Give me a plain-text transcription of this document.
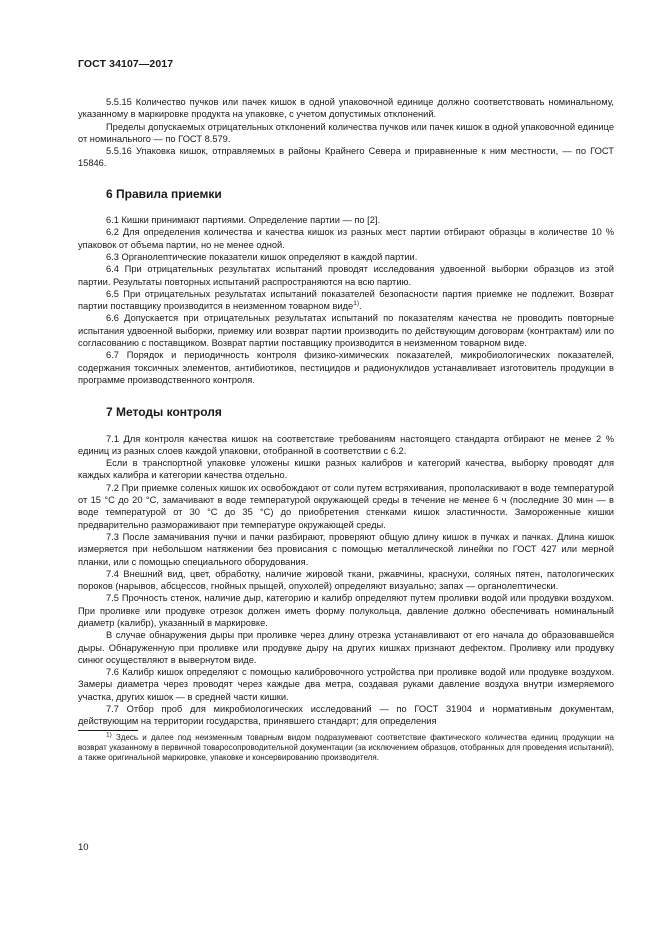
ГОСТ 34107—2017

5.5.15 Количество пучков или пачек кишок в одной упаковочной единице должно соответствовать номинальному, указанному в маркировке продукта на упаковке, с учетом допустимых отклонений.

Пределы допускаемых отрицательных отклонений количества пучков или пачек кишок в одной упаковочной единице от номинального — по ГОСТ 8.579.

5.5.16 Упаковка кишок, отправляемых в районы Крайнего Севера и приравненные к ним местности, — по ГОСТ 15846.

6 Правила приемки

6.1 Кишки принимают партиями. Определение партии — по [2].

6.2 Для определения количества и качества кишок из разных мест партии отбирают образцы в количестве 10 % упаковок от объема партии, но не менее одной.

6.3 Органолептические показатели кишок определяют в каждой партии.

6.4 При отрицательных результатах испытаний проводят исследования удвоенной выборки образцов из этой партии. Результаты повторных испытаний распространяются на всю партию.

6.5 При отрицательных результатах испытаний показателей безопасности партия приемке не подлежит. Возврат партии поставщику производится в неизменном товарном виде$^{1)}$.

6.6 Допускается при отрицательных результатах испытаний по показателям качества не проводить повторные испытания удвоенной выборки, приемку или возврат партии производить по действующим договорам (контрактам) или по согласованию с поставщиком. Возврат партии поставщику производится в неизменном товарном виде.

6.7 Порядок и периодичность контроля физико-химических показателей, микробиологических показателей, содержания токсичных элементов, антибиотиков, пестицидов и радионуклидов устанавливает изготовитель продукции в программе производственного контроля.

7 Методы контроля

7.1 Для контроля качества кишок на соответствие требованиям настоящего стандарта отбирают не менее 2 % единиц из разных слоев каждой упаковки, отобранной в соответствии с 6.2.

Если в транспортной упаковке уложены кишки разных калибров и категорий качества, выборку проводят для каждых калибра и категории качества отдельно.

7.2 При приемке соленых кишок их освобождают от соли путем встряхивания, прополаскивают в воде температурой от 15 °С до 20 °С, замачивают в воде температурой окружающей среды в течение не менее 6 ч (последние 30 мин — в воде температурой от 30 °С до 35 °С) до приобретения стенками кишок эластичности. Замороженные кишки предварительно размораживают при температуре окружающей среды.

7.3 После замачивания пучки и пачки разбирают, проверяют общую длину кишок в пучках и пачках. Длина кишок измеряется при небольшом натяжении без провисания с помощью металлической линейки по ГОСТ 427 или мерной планки, или с помощью специального оборудования.

7.4 Внешний вид, цвет, обработку, наличие жировой ткани, ржавчины, краснухи, соляных пятен, патологических пороков (нарывов, абсцессов, гнойных прыщей, опухолей) определяют визуально; запах — органолептически.

7.5 Прочность стенок, наличие дыр, категорию и калибр определяют путем проливки водой или продувки воздухом. При проливке или продувке отрезок должен иметь форму полукольца, давление должно обеспечивать номинальный диаметр (калибр), указанный в маркировке.

В случае обнаружения дыры при проливке через длину отрезка устанавливают от его начала до образовавшейся дыры. Обнаруженную при проливке или продувке дыру на других кишках признают дефектом. Проливку или продувку синюг осуществляют в вывернутом виде.

7.6 Калибр кишок определяют с помощью калибровочного устройства при проливке водой или продувке воздухом. Замеры диаметра через проводят через каждые два метра, создавая руками давление воздуха внутри измеряемого участка, других кишок — в средней части кишки.

7.7 Отбор проб для микробиологических исследований — по ГОСТ 31904 и нормативным документам, действующим на территории государства, принявшего стандарт; для определения

$^{1)}$ Здесь и далее под неизменным товарным видом подразумевают соответствие фактического количества единиц продукции на возврат указанному в первичной товаросопроводительной документации (за исключением образцов, отобранных для проведения испытаний), а также оригинальной маркировке, упаковке и консервированию производителя.

10
